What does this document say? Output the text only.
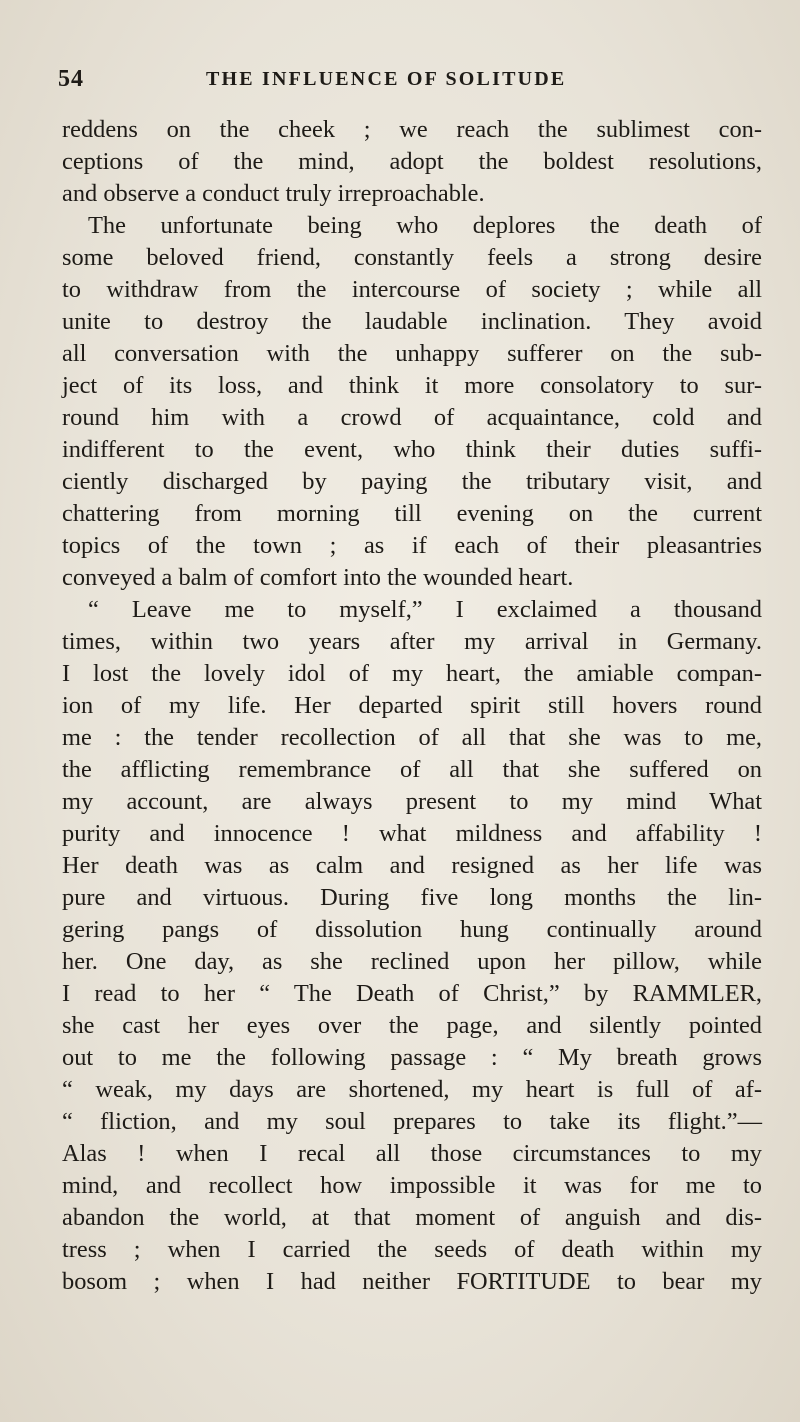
54	THE INFLUENCE OF SOLITUDE
reddens on the cheek ; we reach the sublimest con-
ceptions of the mind, adopt the boldest resolutions,
and observe a conduct truly irreproachable.
The unfortunate being who deplores the death of
some beloved friend, constantly feels a strong desire
to withdraw from the intercourse of society ; while all
unite to destroy the laudable inclination. They avoid
all conversation with the unhappy sufferer on the sub-
ject of its loss, and think it more consolatory to sur-
round him with a crowd of acquaintance, cold and
indifferent to the event, who think their duties suffi-
ciently discharged by paying the tributary visit, and
chattering from morning till evening on the current
topics of the town ; as if each of their pleasantries
conveyed a balm of comfort into the wounded heart.
“ Leave me to myself,” I exclaimed a thousand
times, within two years after my arrival in Germany.
I lost the lovely idol of my heart, the amiable compan-
ion of my life. Her departed spirit still hovers round
me : the tender recollection of all that she was to me,
the afflicting remembrance of all that she suffered on
my account, are always present to my mind What
purity and innocence ! what mildness and affability !
Her death was as calm and resigned as her life was
pure and virtuous. During five long months the lin-
gering pangs of dissolution hung continually around
her. One day, as she reclined upon her pillow, while
I read to her “ The Death of Christ,” by RAMMLER,
she cast her eyes over the page, and silently pointed
out to me the following passage : “ My breath grows
“ weak, my days are shortened, my heart is full of af-
“ fliction, and my soul prepares to take its flight.”—
Alas ! when I recal all those circumstances to my
mind, and recollect how impossible it was for me to
abandon the world, at that moment of anguish and dis-
tress ; when I carried the seeds of death within my
bosom ; when I had neither FORTITUDE to bear my
